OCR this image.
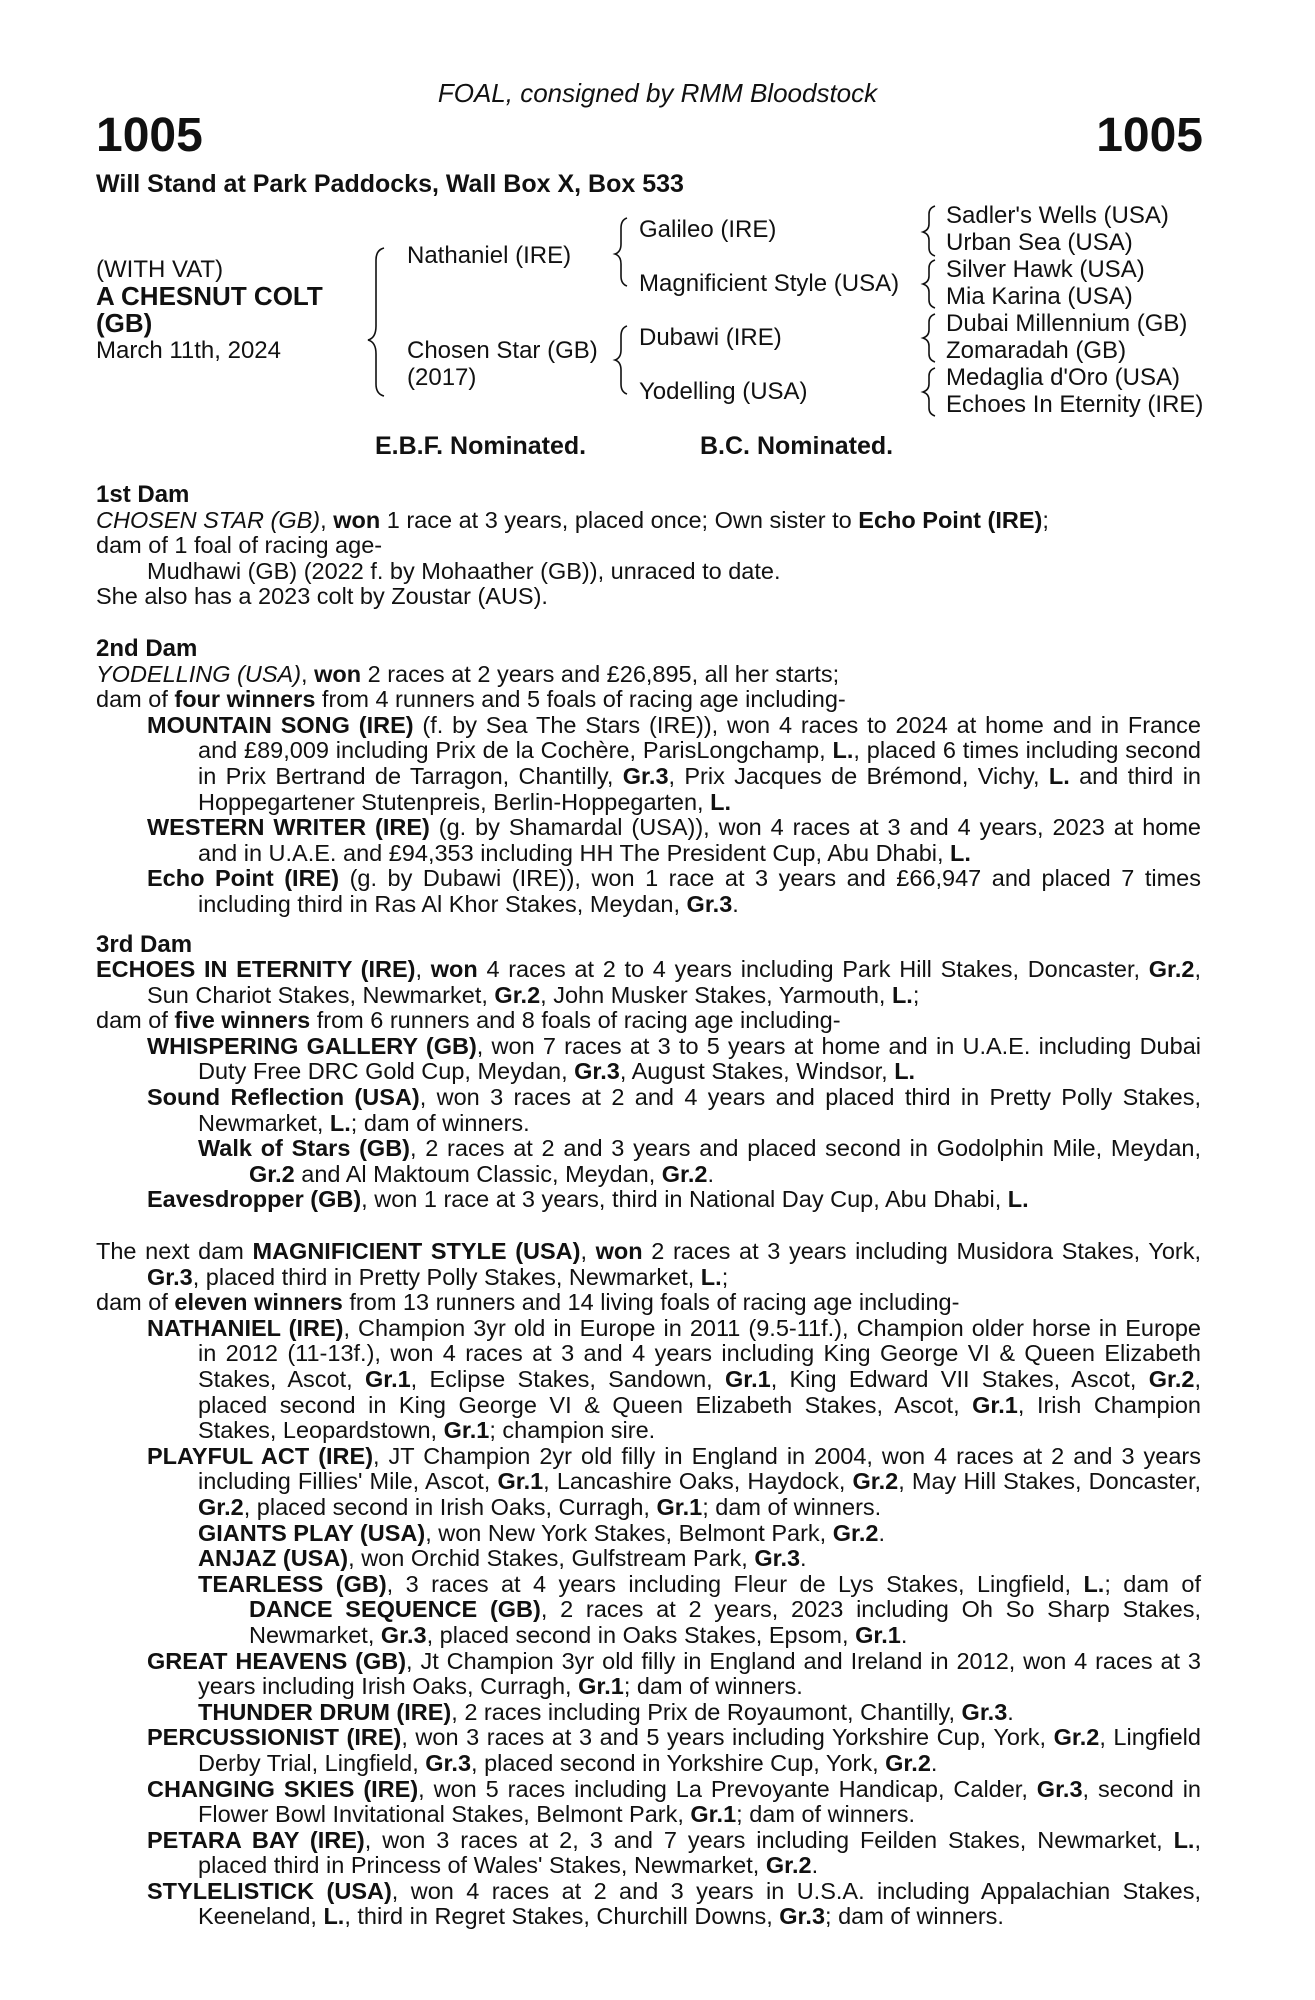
FOAL, consigned by RMM Bloodstock
1005	1005
Will Stand at Park Paddocks, Wall Box X, Box 533
(WITH VAT)
A CHESNUT COLT
(GB)
March 11th, 2024
Nathaniel (IRE)
Chosen Star (GB)
(2017)
Galileo (IRE)
Magnificient Style (USA)
Dubawi (IRE)
Yodelling (USA)
Sadler's Wells (USA)
Urban Sea (USA)
Silver Hawk (USA)
Mia Karina (USA)
Dubai Millennium (GB)
Zomaradah (GB)
Medaglia d'Oro (USA)
Echoes In Eternity (IRE)
E.B.F. Nominated.	B.C. Nominated.
1st Dam
CHOSEN STAR (GB), won 1 race at 3 years, placed once; Own sister to Echo Point (IRE);
dam of 1 foal of racing age-
Mudhawi (GB) (2022 f. by Mohaather (GB)), unraced to date.
She also has a 2023 colt by Zoustar (AUS).
2nd Dam
YODELLING (USA), won 2 races at 2 years and £26,895, all her starts;
dam of four winners from 4 runners and 5 foals of racing age including-
MOUNTAIN SONG (IRE) (f. by Sea The Stars (IRE)), won 4 races to 2024 at home and in France and £89,009 including Prix de la Cochère, ParisLongchamp, L., placed 6 times including second in Prix Bertrand de Tarragon, Chantilly, Gr.3, Prix Jacques de Brémond, Vichy, L. and third in Hoppegartener Stutenpreis, Berlin-Hoppegarten, L.
WESTERN WRITER (IRE) (g. by Shamardal (USA)), won 4 races at 3 and 4 years, 2023 at home and in U.A.E. and £94,353 including HH The President Cup, Abu Dhabi, L.
Echo Point (IRE) (g. by Dubawi (IRE)), won 1 race at 3 years and £66,947 and placed 7 times including third in Ras Al Khor Stakes, Meydan, Gr.3.
3rd Dam
ECHOES IN ETERNITY (IRE), won 4 races at 2 to 4 years including Park Hill Stakes, Doncaster, Gr.2, Sun Chariot Stakes, Newmarket, Gr.2, John Musker Stakes, Yarmouth, L.;
dam of five winners from 6 runners and 8 foals of racing age including-
WHISPERING GALLERY (GB), won 7 races at 3 to 5 years at home and in U.A.E. including Dubai Duty Free DRC Gold Cup, Meydan, Gr.3, August Stakes, Windsor, L.
Sound Reflection (USA), won 3 races at 2 and 4 years and placed third in Pretty Polly Stakes, Newmarket, L.; dam of winners.
Walk of Stars (GB), 2 races at 2 and 3 years and placed second in Godolphin Mile, Meydan, Gr.2 and Al Maktoum Classic, Meydan, Gr.2.
Eavesdropper (GB), won 1 race at 3 years, third in National Day Cup, Abu Dhabi, L.
The next dam MAGNIFICIENT STYLE (USA), won 2 races at 3 years including Musidora Stakes, York, Gr.3, placed third in Pretty Polly Stakes, Newmarket, L.;
dam of eleven winners from 13 runners and 14 living foals of racing age including-
NATHANIEL (IRE), Champion 3yr old in Europe in 2011 (9.5-11f.), Champion older horse in Europe in 2012 (11-13f.), won 4 races at 3 and 4 years including King George VI & Queen Elizabeth Stakes, Ascot, Gr.1, Eclipse Stakes, Sandown, Gr.1, King Edward VII Stakes, Ascot, Gr.2, placed second in King George VI & Queen Elizabeth Stakes, Ascot, Gr.1, Irish Champion Stakes, Leopardstown, Gr.1; champion sire.
PLAYFUL ACT (IRE), JT Champion 2yr old filly in England in 2004, won 4 races at 2 and 3 years including Fillies' Mile, Ascot, Gr.1, Lancashire Oaks, Haydock, Gr.2, May Hill Stakes, Doncaster, Gr.2, placed second in Irish Oaks, Curragh, Gr.1; dam of winners.
GIANTS PLAY (USA), won New York Stakes, Belmont Park, Gr.2.
ANJAZ (USA), won Orchid Stakes, Gulfstream Park, Gr.3.
TEARLESS (GB), 3 races at 4 years including Fleur de Lys Stakes, Lingfield, L.; dam of DANCE SEQUENCE (GB), 2 races at 2 years, 2023 including Oh So Sharp Stakes, Newmarket, Gr.3, placed second in Oaks Stakes, Epsom, Gr.1.
GREAT HEAVENS (GB), Jt Champion 3yr old filly in England and Ireland in 2012, won 4 races at 3 years including Irish Oaks, Curragh, Gr.1; dam of winners.
THUNDER DRUM (IRE), 2 races including Prix de Royaumont, Chantilly, Gr.3.
PERCUSSIONIST (IRE), won 3 races at 3 and 5 years including Yorkshire Cup, York, Gr.2, Lingfield Derby Trial, Lingfield, Gr.3, placed second in Yorkshire Cup, York, Gr.2.
CHANGING SKIES (IRE), won 5 races including La Prevoyante Handicap, Calder, Gr.3, second in Flower Bowl Invitational Stakes, Belmont Park, Gr.1; dam of winners.
PETARA BAY (IRE), won 3 races at 2, 3 and 7 years including Feilden Stakes, Newmarket, L., placed third in Princess of Wales' Stakes, Newmarket, Gr.2.
STYLELISTICK (USA), won 4 races at 2 and 3 years in U.S.A. including Appalachian Stakes, Keeneland, L., third in Regret Stakes, Churchill Downs, Gr.3; dam of winners.
